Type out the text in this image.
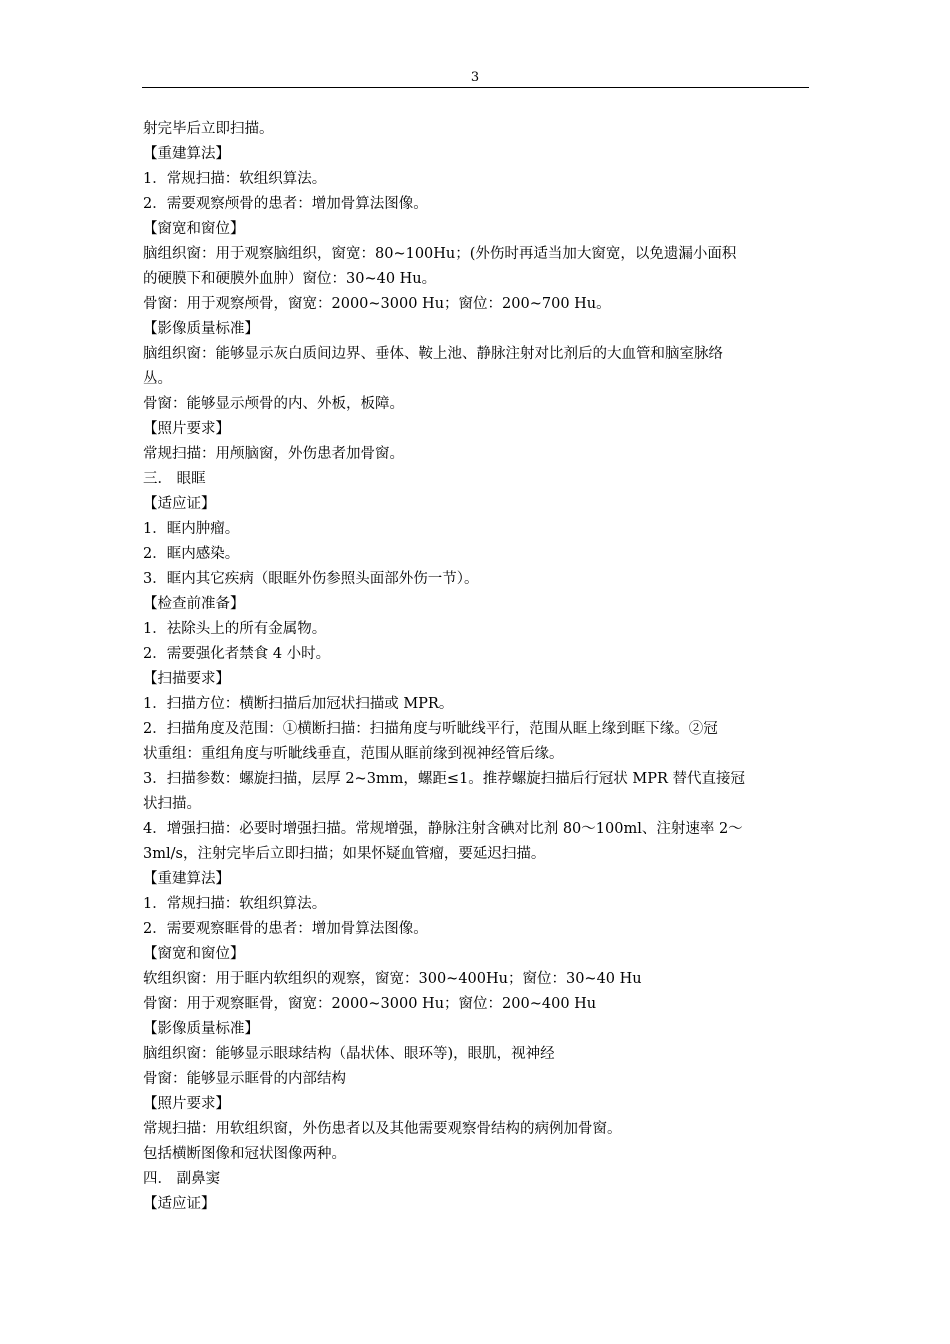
3
射完毕后立即扫描。
【重建算法】
1．常规扫描：软组织算法。
2．需要观察颅骨的患者：增加骨算法图像。
【窗宽和窗位】
脑组织窗：用于观察脑组织，窗宽：80~100Hu；(外伤时再适当加大窗宽，以免遗漏小面积
的硬膜下和硬膜外血肿）窗位：30~40 Hu。
骨窗：用于观察颅骨，窗宽：2000~3000 Hu；窗位：200~700 Hu。
【影像质量标准】
脑组织窗：能够显示灰白质间边界、垂体、鞍上池、静脉注射对比剂后的大血管和脑室脉络
丛。
骨窗：能够显示颅骨的内、外板，板障。
【照片要求】
常规扫描：用颅脑窗，外伤患者加骨窗。
三． 眼眶
【适应证】
1．眶内肿瘤。
2．眶内感染。
3．眶内其它疾病（眼眶外伤参照头面部外伤一节）。
【检查前准备】
1．祛除头上的所有金属物。
2．需要强化者禁食 4 小时。
【扫描要求】
1．扫描方位：横断扫描后加冠状扫描或 MPR。
2．扫描角度及范围：①横断扫描：扫描角度与听眦线平行，范围从眶上缘到眶下缘。②冠
状重组：重组角度与听眦线垂直，范围从眶前缘到视神经管后缘。
3．扫描参数：螺旋扫描，层厚 2~3mm，螺距≤1。推荐螺旋扫描后行冠状 MPR 替代直接冠
状扫描。
4．增强扫描：必要时增强扫描。常规增强，静脉注射含碘对比剂 80～100ml、注射速率 2～
3ml/s，注射完毕后立即扫描；如果怀疑血管瘤，要延迟扫描。
【重建算法】
1．常规扫描：软组织算法。
2．需要观察眶骨的患者：增加骨算法图像。
【窗宽和窗位】
软组织窗：用于眶内软组织的观察，窗宽：300~400Hu；窗位：30~40 Hu
骨窗：用于观察眶骨，窗宽：2000~3000 Hu；窗位：200~400 Hu
【影像质量标准】
脑组织窗：能够显示眼球结构（晶状体、眼环等)，眼肌，视神经
骨窗：能够显示眶骨的内部结构
【照片要求】
常规扫描：用软组织窗，外伤患者以及其他需要观察骨结构的病例加骨窗。
包括横断图像和冠状图像两种。
四． 副鼻窦
【适应证】
